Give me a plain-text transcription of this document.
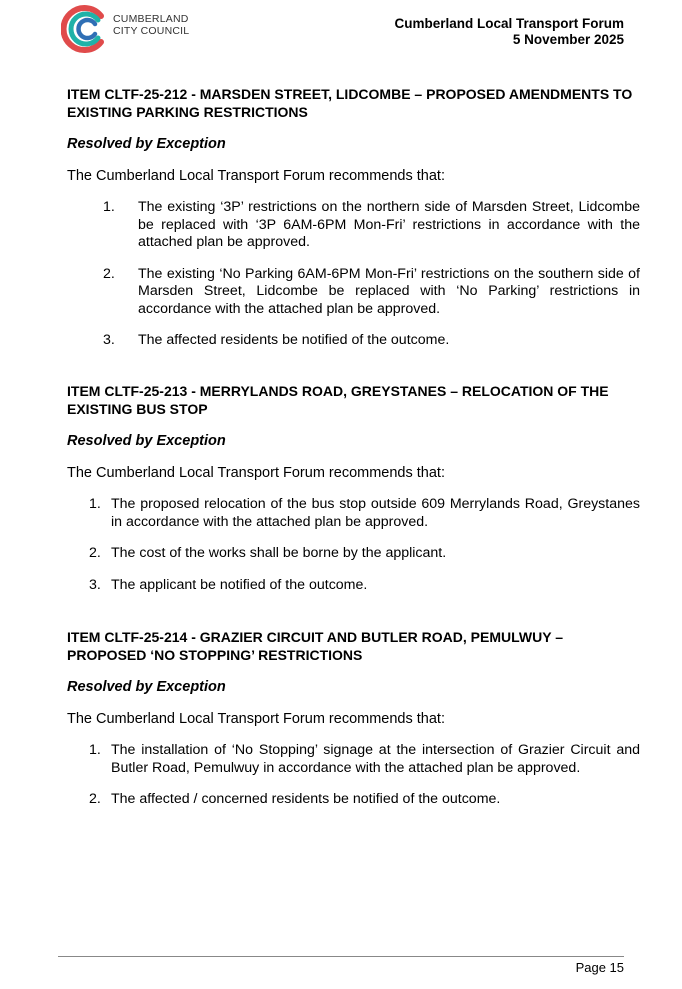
CUMBERLAND
CITY COUNCIL	Cumberland Local Transport Forum
5 November 2025

ITEM CLTF-25-212 - MARSDEN STREET, LIDCOMBE – PROPOSED AMENDMENTS TO EXISTING PARKING RESTRICTIONS

Resolved by Exception

The Cumberland Local Transport Forum recommends that:

1.	The existing ‘3P’ restrictions on the northern side of Marsden Street, Lidcombe be replaced with ‘3P 6AM-6PM Mon-Fri’ restrictions in accordance with the attached plan be approved.
2.	The existing ‘No Parking 6AM-6PM Mon-Fri’ restrictions on the southern side of Marsden Street, Lidcombe be replaced with ‘No Parking’ restrictions in accordance with the attached plan be approved.
3.	The affected residents be notified of the outcome.

ITEM CLTF-25-213 - MERRYLANDS ROAD, GREYSTANES – RELOCATION OF THE EXISTING BUS STOP

Resolved by Exception

The Cumberland Local Transport Forum recommends that:

1. The proposed relocation of the bus stop outside 609 Merrylands Road, Greystanes in accordance with the attached plan be approved.
2. The cost of the works shall be borne by the applicant.
3. The applicant be notified of the outcome.

ITEM CLTF-25-214 - GRAZIER CIRCUIT AND BUTLER ROAD, PEMULWUY – PROPOSED ‘NO STOPPING’ RESTRICTIONS

Resolved by Exception

The Cumberland Local Transport Forum recommends that:

1. The installation of ‘No Stopping’ signage at the intersection of Grazier Circuit and Butler Road, Pemulwuy in accordance with the attached plan be approved.
2. The affected / concerned residents be notified of the outcome.
Page 15
